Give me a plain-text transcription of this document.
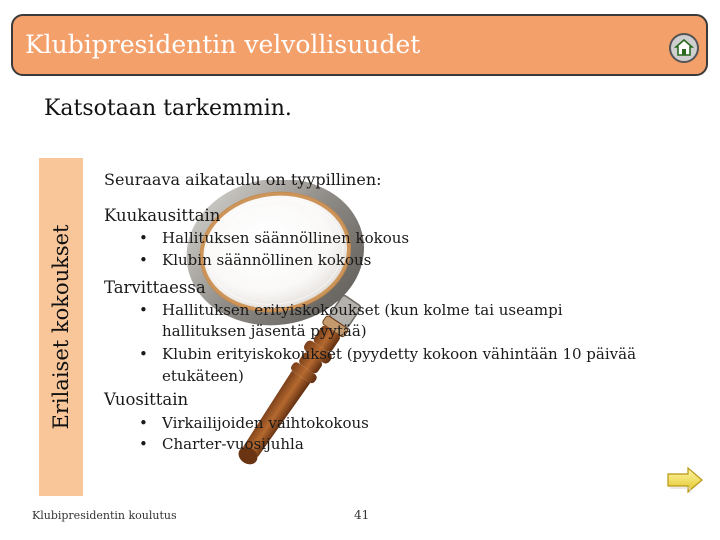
Klubipresidentin velvollisuudet
Katsotaan tarkemmin.
Erilaiset kokoukset
Seuraava aikataulu on tyypillinen:
Kuukausittain
• Hallituksen säännöllinen kokous
• Klubin säännöllinen kokous
Tarvittaessa
• Hallituksen erityiskokoukset (kun kolme tai useampi
hallituksen jäsentä pyytää)
• Klubin erityiskokoukset (pyydetty kokoon vähintään 10 päivää
etukäteen)
Vuosittain
• Virkailijoiden vaihtokokous
• Charter-vuosijuhla
Klubipresidentin koulutus	41
